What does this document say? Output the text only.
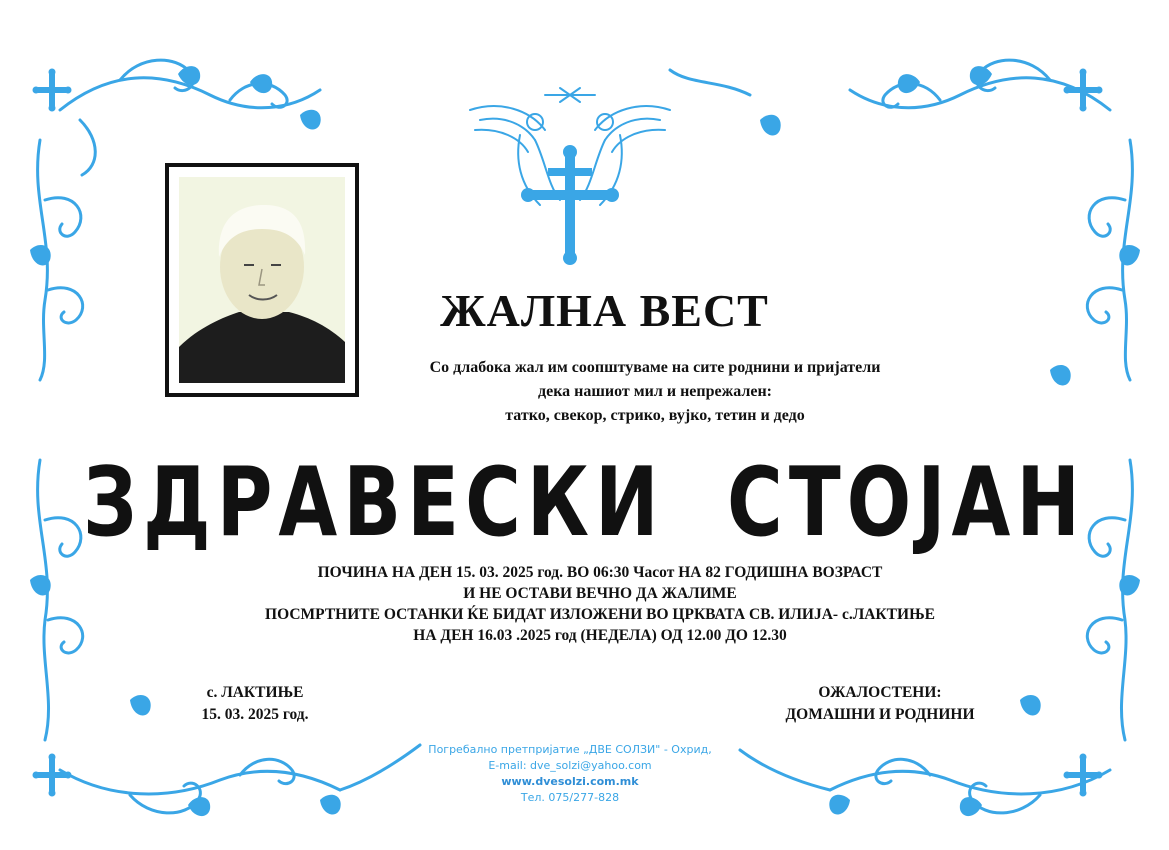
ЖАЛНА ВЕСТ
Со длабока жал им соопштуваме на сите роднини и пријатели
дека нашиот мил и непрежален:
татко, свекор, стрико, вујко, тетин и дедо
ЗДРАВЕСКИ СТОЈАН
ПОЧИНА НА ДЕН 15. 03. 2025 год. ВО 06:30 Часот НА 82 ГОДИШНА ВОЗРАСТ
И НЕ ОСТАВИ ВЕЧНО ДА ЖАЛИМЕ
ПОСМРТНИТЕ ОСТАНКИ ЌЕ БИДАТ ИЗЛОЖЕНИ ВО ЦРКВАТА СВ. ИЛИЈА- с.ЛАКТИЊЕ
НА ДЕН 16.03 .2025 год (НЕДЕЛА) ОД 12.00 ДО 12.30
с. ЛАКТИЊЕ
15. 03. 2025 год.
ОЖАЛОСТЕНИ:
ДОМАШНИ И РОДНИНИ
Погребално претпријатие „ДВЕ СОЛЗИ" - Охрид,
E-mail: dve_solzi@yahoo.com
www.dvesolzi.com.mk
Тел. 075/277-828
